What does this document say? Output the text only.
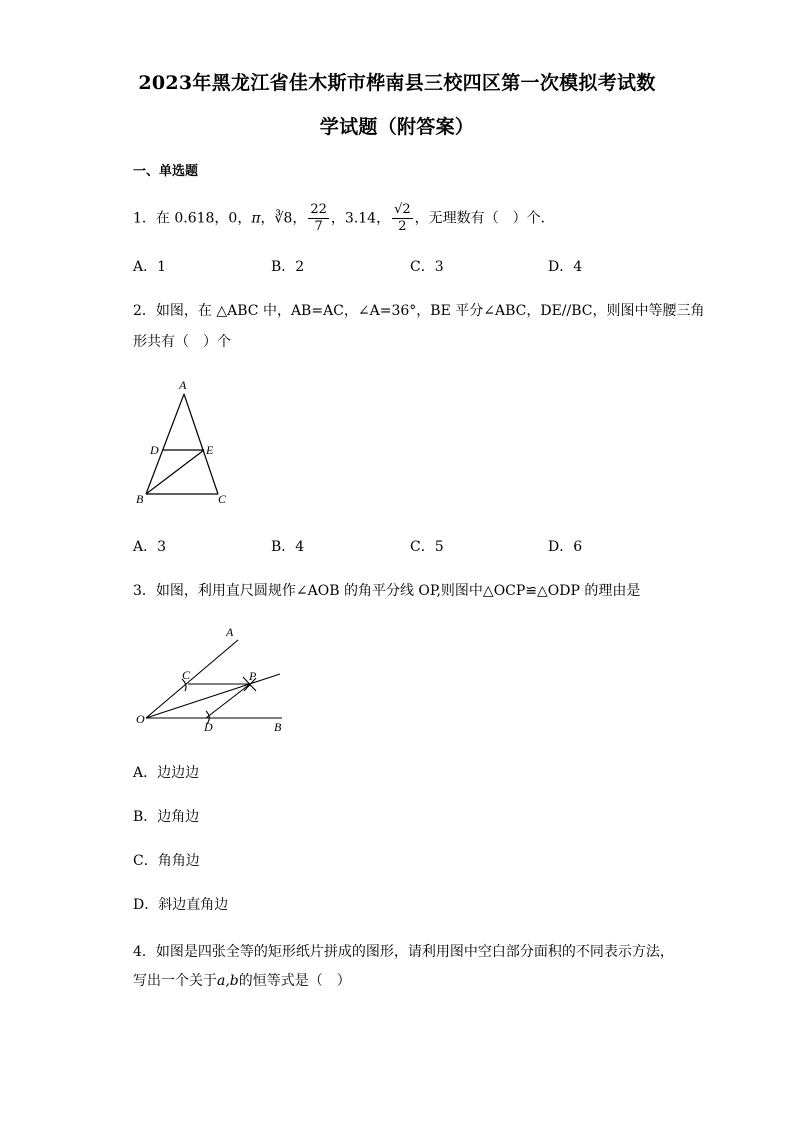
2023年黑龙江省佳木斯市桦南县三校四区第一次模拟考试数
学试题（附答案）
一、单选题
1．在 0.618，0，π，∛8， $\frac{22}{7}$ ，3.14， $\frac{√2}{2}$ ，无理数有（　）个．
A．1	B．2	C．3	D．4
2．如图，在 △ABC 中，AB=AC，∠A=36°，BE 平分∠ABC，DE//BC，则图中等腰三角
形共有（　）个
A
D	E
B	C
A．3	B．4	C．5	D．6
3．如图，利用直尺圆规作∠AOB 的角平分线 OP,则图中△OCP≌△ODP 的理由是
A
C	P
O
D	B
A．边边边
B．边角边
C．角角边
D．斜边直角边
4．如图是四张全等的矩形纸片拼成的图形，请利用图中空白部分面积的不同表示方法，
写出一个关于a,b的恒等式是（　）
